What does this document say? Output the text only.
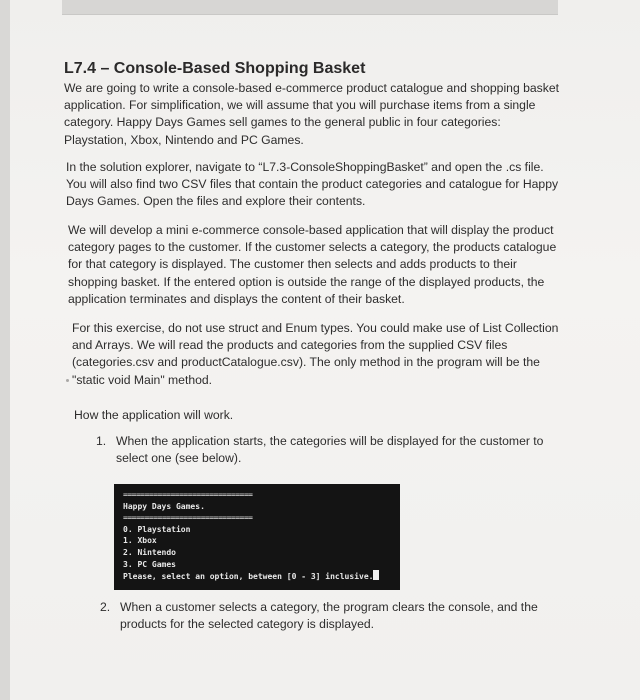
L7.4 – Console-Based Shopping Basket
We are going to write a console-based e-commerce product catalogue and shopping basket application. For simplification, we will assume that you will purchase items from a single category. Happy Days Games sell games to the general public in four categories: Playstation, Xbox, Nintendo and PC Games.
In the solution explorer, navigate to “L7.3-ConsoleShoppingBasket” and open the .cs file. You will also find two CSV files that contain the product categories and catalogue for Happy Days Games. Open the files and explore their contents.
We will develop a mini e-commerce console-based application that will display the product category pages to the customer. If the customer selects a category, the products catalogue for that category is displayed. The customer then selects and adds products to their shopping basket. If the entered option is outside the range of the displayed products, the application terminates and displays the content of their basket.
For this exercise, do not use struct and Enum types. You could make use of List Collection and Arrays. We will read the products and categories from the supplied CSV files (categories.csv and productCatalogue.csv). The only method in the program will be the "static void Main" method.
How the application will work.
1. When the application starts, the categories will be displayed for the customer to select one (see below).
==============================
Happy Days Games.
==============================
0. Playstation
1. Xbox
2. Nintendo
3. PC Games
Please, select an option, between [0 - 3] inclusive.
2. When a customer selects a category, the program clears the console, and the products for the selected category is displayed.
